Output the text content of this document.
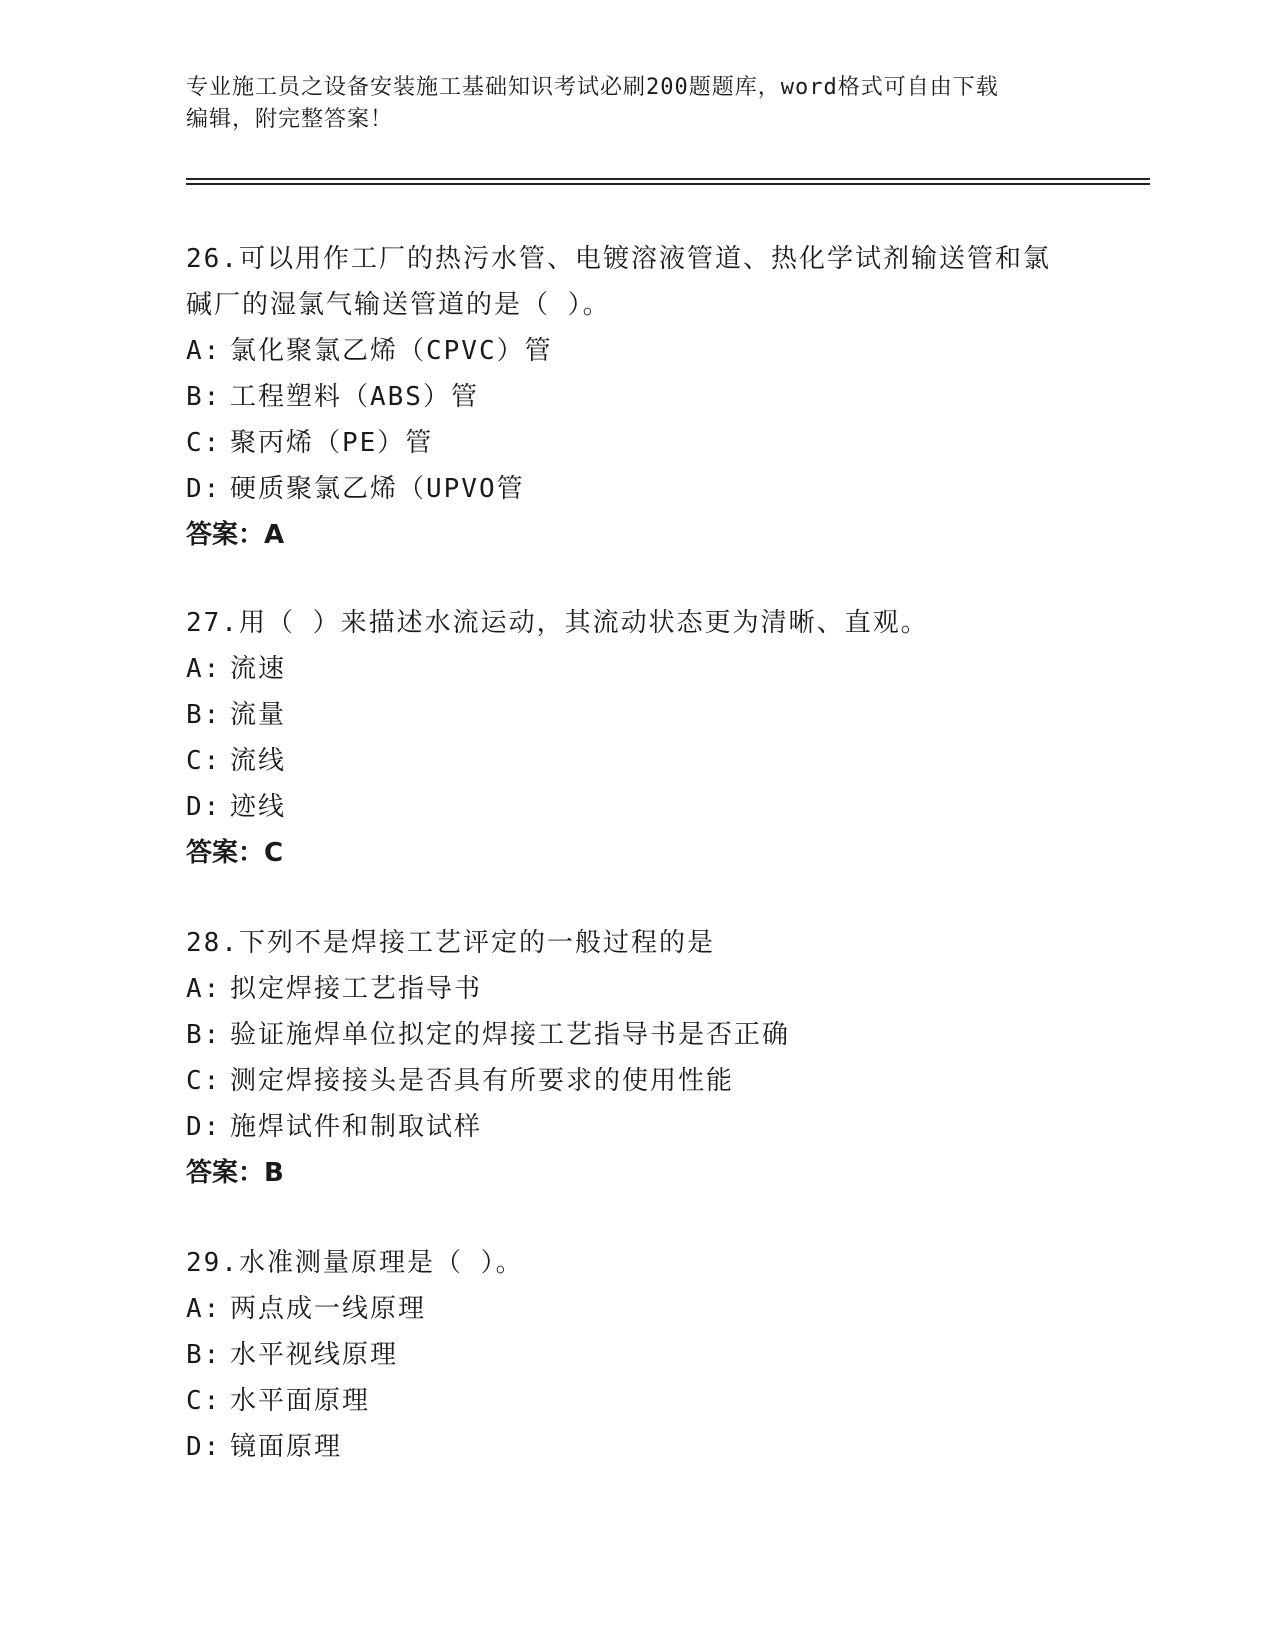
专业施工员之设备安装施工基础知识考试必刷200题题库，word格式可自由下载
编辑，附完整答案！

26.可以用作工厂的热污水管、电镀溶液管道、热化学试剂输送管和氯

碱厂的湿氯气输送管道的是（ ）。

A: 氯化聚氯乙烯（CPVC）管

B: 工程塑料（ABS）管

C: 聚丙烯（PE）管

D: 硬质聚氯乙烯（UPVO管

答案：A

27.用（ ）来描述水流运动，其流动状态更为清晰、直观。

A: 流速

B: 流量

C: 流线

D: 迹线

答案：C

28.下列不是焊接工艺评定的一般过程的是

A: 拟定焊接工艺指导书

B: 验证施焊单位拟定的焊接工艺指导书是否正确

C: 测定焊接接头是否具有所要求的使用性能

D: 施焊试件和制取试样

答案：B

29.水准测量原理是（ ）。

A: 两点成一线原理

B: 水平视线原理

C: 水平面原理

D: 镜面原理
